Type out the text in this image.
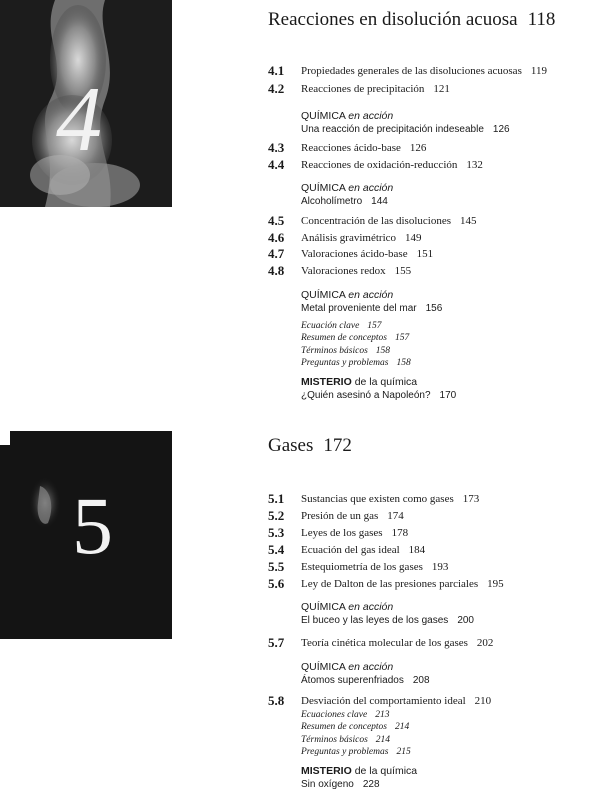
4
5
Reacciones en disolución acuosa 118
4.1 Propiedades generales de las disoluciones acuosas 119
4.2 Reacciones de precipitación 121
QUÍMICA en acción
Una reacción de precipitación indeseable 126
4.3 Reacciones ácido-base 126
4.4 Reacciones de oxidación-reducción 132
QUÍMICA en acción
Alcoholímetro 144
4.5 Concentración de las disoluciones 145
4.6 Análisis gravimétrico 149
4.7 Valoraciones ácido-base 151
4.8 Valoraciones redox 155
QUÍMICA en acción
Metal proveniente del mar 156
Ecuación clave 157
Resumen de conceptos 157
Términos básicos 158
Preguntas y problemas 158
MISTERIO de la química
¿Quién asesinó a Napoleón? 170
Gases 172
5.1 Sustancias que existen como gases 173
5.2 Presión de un gas 174
5.3 Leyes de los gases 178
5.4 Ecuación del gas ideal 184
5.5 Estequiometría de los gases 193
5.6 Ley de Dalton de las presiones parciales 195
QUÍMICA en acción
El buceo y las leyes de los gases 200
5.7 Teoría cinética molecular de los gases 202
QUÍMICA en acción
Átomos superenfriados 208
5.8 Desviación del comportamiento ideal 210
Ecuaciones clave 213
Resumen de conceptos 214
Términos básicos 214
Preguntas y problemas 215
MISTERIO de la química
Sin oxígeno 228
